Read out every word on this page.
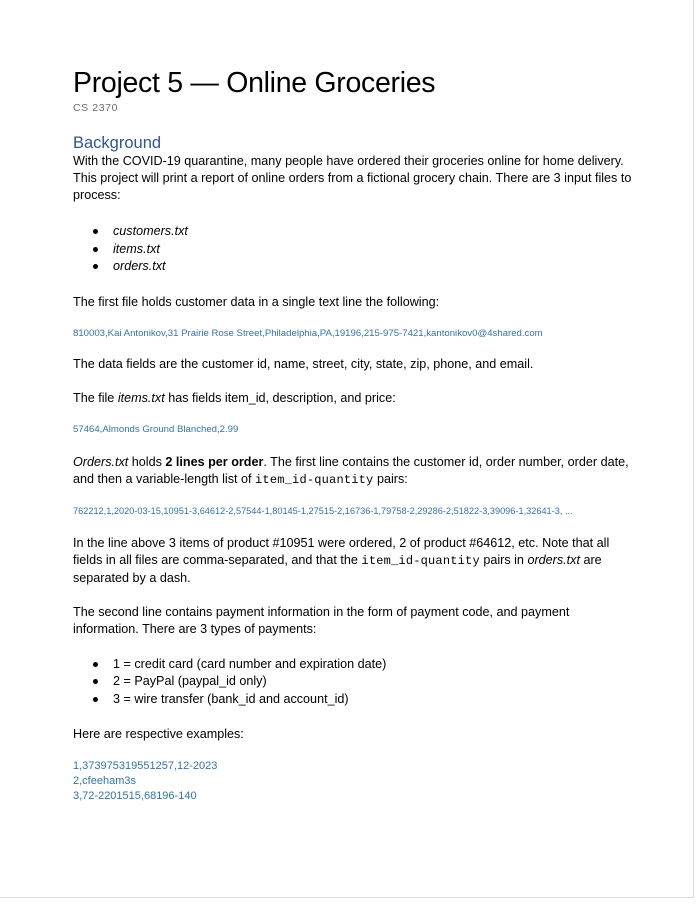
Project 5 — Online Groceries
CS 2370
Background

With the COVID-19 quarantine, many people have ordered their groceries online for home delivery. This project will print a report of online orders from a fictional grocery chain. There are 3 input files to process:

customers.txt
items.txt
orders.txt

The first file holds customer data in a single text line the following:

810003,Kai Antonikov,31 Prairie Rose Street,Philadelphia,PA,19196,215-975-7421,kantonikov0@4shared.com

The data fields are the customer id, name, street, city, state, zip, phone, and email.

The file items.txt has fields item_id, description, and price:

57464,Almonds Ground Blanched,2.99

Orders.txt holds 2 lines per order. The first line contains the customer id, order number, order date, and then a variable-length list of item_id-quantity pairs:

762212,1,2020-03-15,10951-3,64612-2,57544-1,80145-1,27515-2,16736-1,79758-2,29286-2,51822-3,39096-1,32641-3, ...

In the line above 3 items of product #10951 were ordered, 2 of product #64612, etc. Note that all fields in all files are comma-separated, and that the item_id-quantity pairs in orders.txt are separated by a dash.

The second line contains payment information in the form of payment code, and payment information. There are 3 types of payments:

1 = credit card (card number and expiration date)
2 = PayPal (paypal_id only)
3 = wire transfer (bank_id and account_id)

Here are respective examples:

1,373975319551257,12-2023
2,cfeeham3s
3,72-2201515,68196-140
